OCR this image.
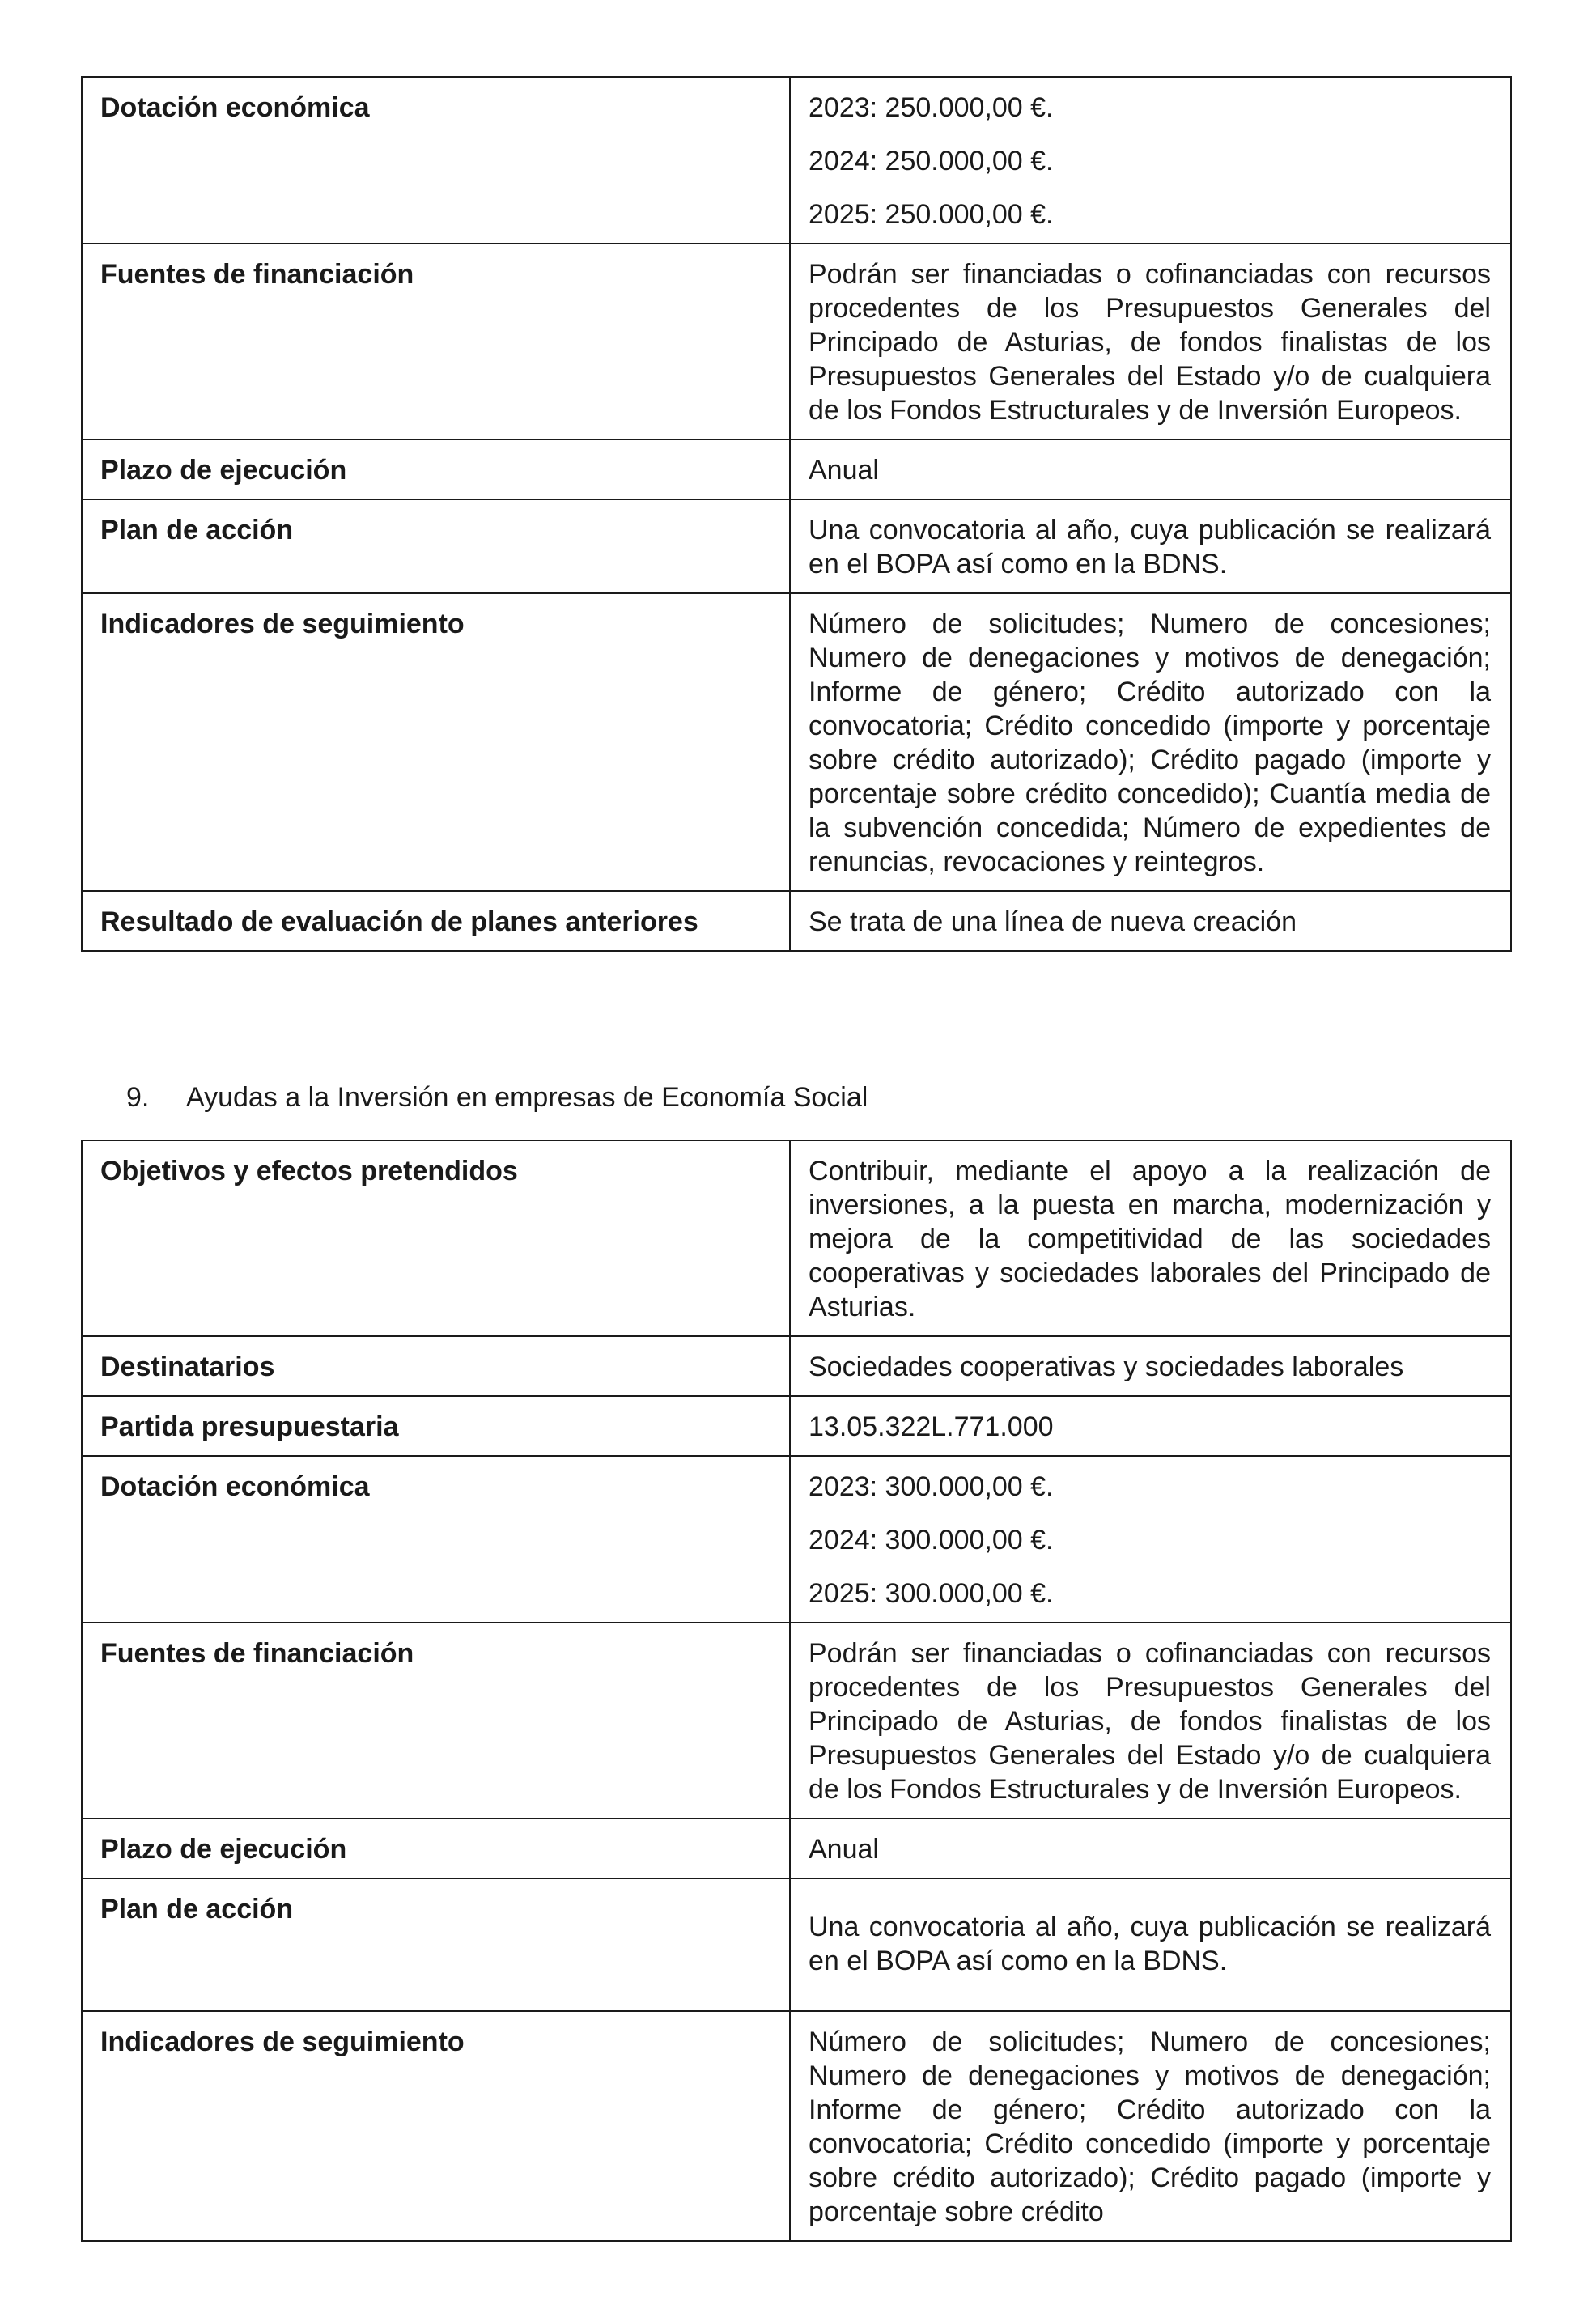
Dotación económica	2023: 250.000,00 €.

2024: 250.000,00 €.

2025: 250.000,00 €.

Fuentes de financiación	Podrán ser financiadas o cofinanciadas con recursos procedentes de los Presupuestos Generales del Principado de Asturias, de fondos finalistas de los Presupuestos Generales del Estado y/o de cualquiera de los Fondos Estructurales y de Inversión Europeos.
Plazo de ejecución	Anual
Plan de acción	Una convocatoria al año, cuya publicación se realizará en el BOPA así como en la BDNS.
Indicadores de seguimiento	Número de solicitudes; Numero de concesiones; Numero de denegaciones y motivos de denegación; Informe de género; Crédito autorizado con la convocatoria; Crédito concedido (importe y porcentaje sobre crédito autorizado); Crédito pagado (importe y porcentaje sobre crédito concedido); Cuantía media de la subvención concedida; Número de expedientes de renuncias, revocaciones y reintegros.
Resultado de evaluación de planes anteriores	Se trata de una línea de nueva creación
9. Ayudas a la Inversión en empresas de Economía Social
Objetivos y efectos pretendidos	Contribuir, mediante el apoyo a la realización de inversiones, a la puesta en marcha, modernización y mejora de la competitividad de las sociedades cooperativas y sociedades laborales del Principado de Asturias.
Destinatarios	Sociedades cooperativas y sociedades laborales
Partida presupuestaria	13.05.322L.771.000
Dotación económica	2023: 300.000,00 €.

2024: 300.000,00 €.

2025: 300.000,00 €.

Fuentes de financiación	Podrán ser financiadas o cofinanciadas con recursos procedentes de los Presupuestos Generales del Principado de Asturias, de fondos finalistas de los Presupuestos Generales del Estado y/o de cualquiera de los Fondos Estructurales y de Inversión Europeos.
Plazo de ejecución	Anual
Plan de acción	Una convocatoria al año, cuya publicación se realizará en el BOPA así como en la BDNS.
Indicadores de seguimiento	Número de solicitudes; Numero de concesiones; Numero de denegaciones y motivos de denegación; Informe de género; Crédito autorizado con la convocatoria; Crédito concedido (importe y porcentaje sobre crédito autorizado); Crédito pagado (importe y porcentaje sobre crédito
